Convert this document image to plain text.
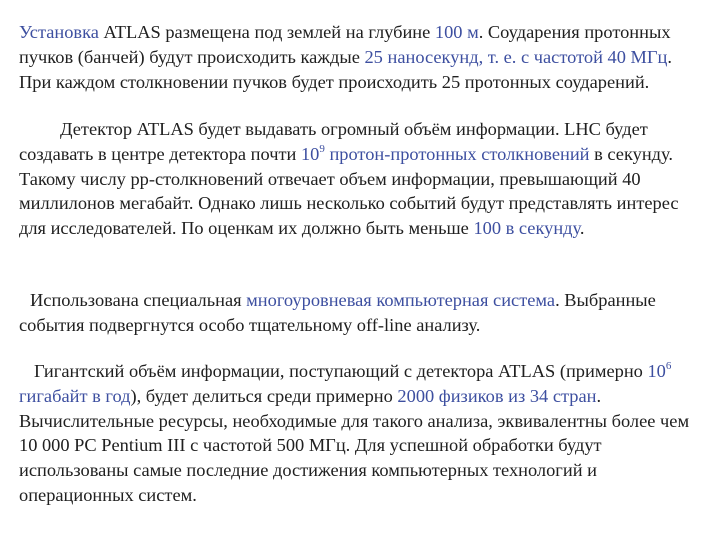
Установка ATLAS размещена под землей на глубине 100 м. Соударения протонных пучков (банчей) будут происходить каждые 25 наносекунд, т. е. с частотой 40 МГц. При каждом столкновении пучков будет происходить 25 протонных соударений.

Детектор ATLAS будет выдавать огромный объём информации. LHC будет создавать в центре детектора почти $10^9$ протон-протонных столкновений в секунду. Такому числу pp-столкновений отвечает объем информации, превышающий 40 миллилонов мегабайт. Однако лишь несколько событий будут представлять интерес для исследователей. По оценкам их должно быть меньше 100 в секунду.

Использована специальная многоуровневая компьютерная система. Выбранные события подвергнутся особо тщательному off-line анализу.

Гигантский объём информации, поступающий с детектора ATLAS (примерно $10^6$ гигабайт в год), будет делиться среди примерно 2000 физиков из 34 стран. Вычислительные ресурсы, необходимые для такого анализа, эквивалентны более чем 10 000 PC Pentium III с частотой 500 МГц. Для успешной обработки будут использованы самые последние достижения компьютерных технологий и операционных систем.
